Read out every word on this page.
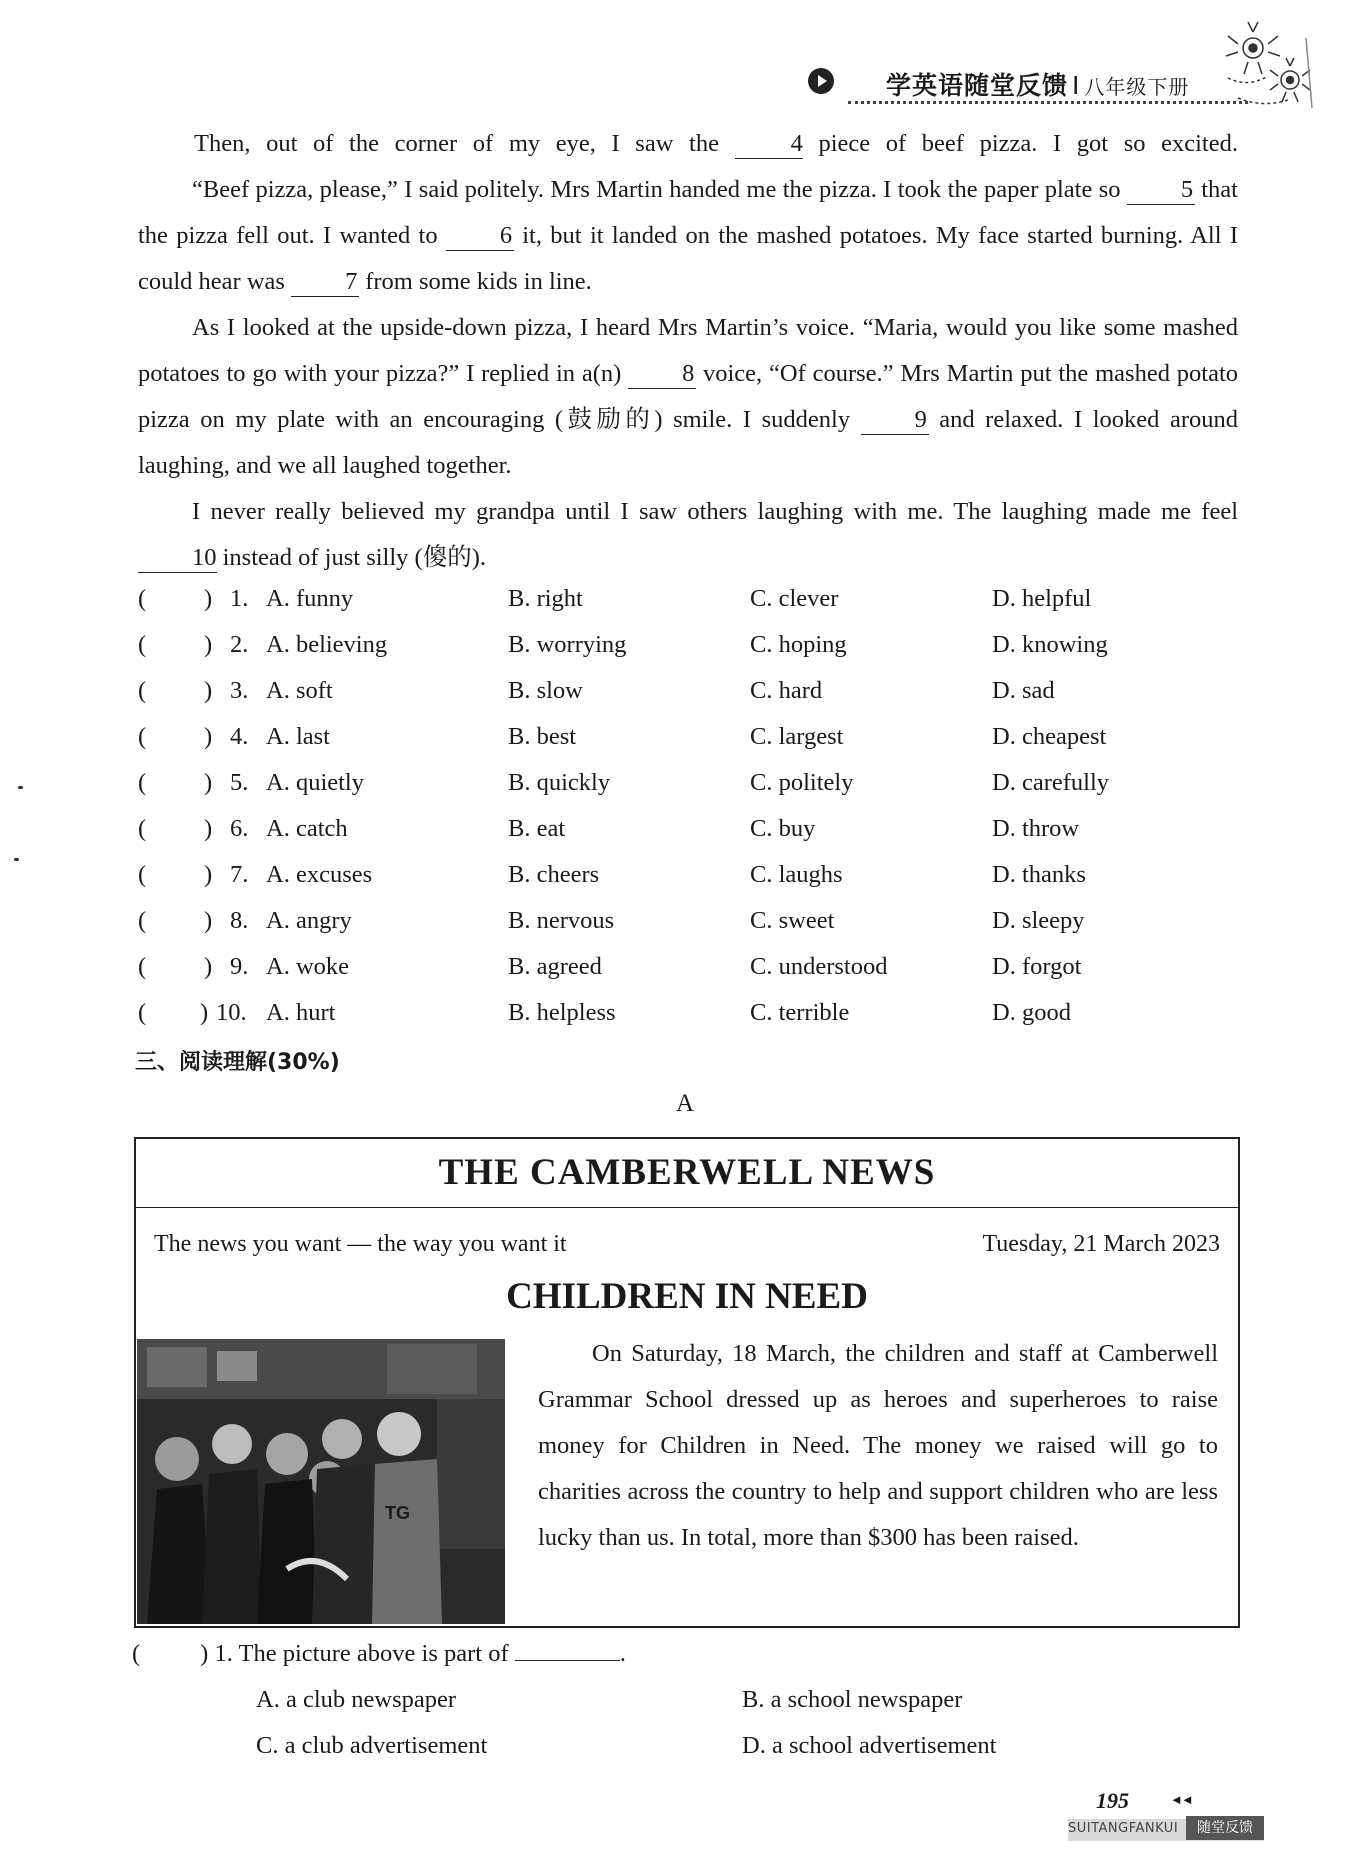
学英语随堂反馈 I 八年级下册

Then, out of the corner of my eye, I saw the	4 piece of beef pizza. I got so excited.

“Beef pizza, please,” I said politely. Mrs Martin handed me the pizza. I took the paper plate so 5 that the pizza fell out. I wanted to	6 it, but it landed on the mashed potatoes. My face started burning. All I could hear was 7 from some kids in line.

As I looked at the upside-down pizza, I heard Mrs Martin’s voice. “Maria, would you like some mashed potatoes to go with your pizza?” I replied in a(n) 8 voice, “Of course.” Mrs Martin put the mashed potato pizza on my plate with an encouraging (鼓励的) smile. I suddenly	9 and relaxed. I looked around laughing, and we all laughed together.

I never really believed my grandpa until I saw others laughing with me. The laughing made me feel 10 instead of just silly (傻的).

( ) 1. A. funny	B. right	C. clever	D. helpful
( ) 2. A. believing	B. worrying	C. hoping	D. knowing
( ) 3. A. soft	B. slow	C. hard	D. sad
( ) 4. A. last	B. best	C. largest	D. cheapest
( ) 5. A. quietly	B. quickly	C. politely	D. carefully
( ) 6. A. catch	B. eat	C. buy	D. throw
( ) 7. A. excuses	B. cheers	C. laughs	D. thanks
( ) 8. A. angry	B. nervous	C. sweet	D. sleepy
( ) 9. A. woke	B. agreed	C. understood	D. forgot
( ) 10. A. hurt	B. helpless	C. terrible	D. good
三、阅读理解(30%)
A
THE CAMBERWELL NEWS
The news you want — the way you want it	Tuesday, 21 March 2023
CHILDREN IN NEED
TG

On Saturday, 18 March, the children and staff at Camberwell Grammar School dressed up as heroes and superheroes to raise money for Children in Need. The money we raised will go to charities across the country to help and support children who are less lucky than us. In total, more than $300 has been raised.

( ) 1. The picture above is part of	.
A. a club newspaper	B. a school newspaper
C. a club advertisement	D. a school advertisement
195	◄◄
SUITANGFANKUI	随堂反馈
